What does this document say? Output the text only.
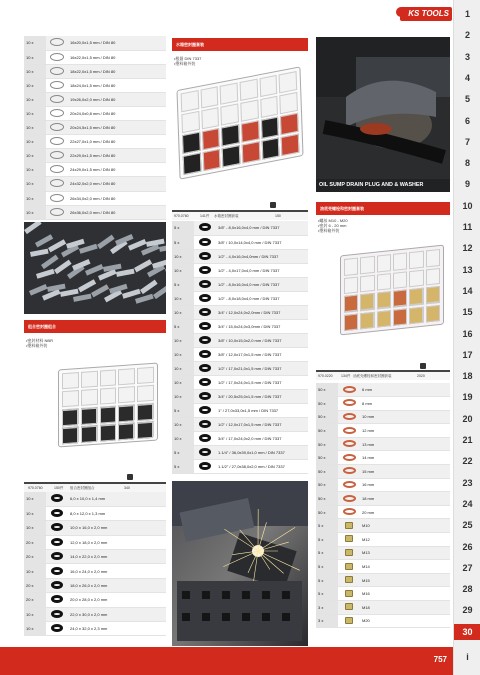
KS TOOLS	1
2
3
4
5
6
7
8
9
10
11
12
13
14
15
16
17
18
19
20
21
22
23
24
25
26
27
28
29
30
i
10 x		16x20,0x1,5 mm / DIN 80
10 x		16x22,0x1,5 mm / DIN 80
10 x		18x22,0x1,5 mm / DIN 80
10 x		18x24,0x1,5 mm / DIN 80
10 x		19x26,0x2,0 mm / DIN 80
10 x		20x24,0x0,8 mm / DIN 80
10 x		20x24,5x1,5 mm / DIN 80
10 x		22x27,0x1,0 mm / DIN 80
10 x		22x29,0x1,5 mm / DIN 80
10 x		24x29,0x1,5 mm / DIN 80
10 x		24x32,0x2,0 mm / DIN 80
10 x		26x34,0x2,0 mm / DIN 80
10 x		26x36,0x2,0 mm / DIN 80
组合密封圈组合
•密封材料 NBR
•塑料箱外装
970.0760	150件 组合密封圈组合	340
10 x		6,0 x 10,0 x 1,4 mm
10 x		8,0 x 12,0 x 1,3 mm
10 x		10,0 x 16,0 x 2,0 mm
20 x		12,0 x 18,0 x 2,0 mm
20 x		14,0 x 22,0 x 2,0 mm
10 x		16,0 x 24,0 x 2,0 mm
20 x		18,0 x 26,0 x 2,0 mm
20 x		20,0 x 28,0 x 2,0 mm
10 x		22,0 x 30,0 x 2,0 mm
10 x		24,0 x 32,0 x 2,3 mm
水箱密封圈套装
•根据 DIN 7337
•塑料箱外装
970.0760	141件 水箱密封圈套装	150
5 x		3/8" - 8,0x16,0x4,0 mm / DIN 7337
5 x		3/8" / 10,0x14,0x4,0 mm / DIN 7337
10 x		1/2" - 4,0x16,0x4,0mm / DIN 7337
10 x		1/2" - 4,0x17,0x4,0 mm / DIN 7337
5 x		1/2" - 8,0x16,0x4,0 mm / DIN 7337
10 x		1/2" - 8,0x18,0x4,0 mm / DIN 7337
10 x		3/4" / 12,0x24,0x2,0mm / DIN 7337
5 x		3/4" / 15,0x24,0x3,0mm / DIN 7337
10 x		3/8" / 10,0x15,0x2,0 mm / DIN 7337
10 x		3/8" / 12,0x17,0x1,5 mm / DIN 7337
10 x		1/2" / 17,0x21,0x1,5 mm / DIN 7337
10 x		1/2" / 17,0x24,0x1,5 mm / DIN 7337
10 x		3/4" / 20,5x25,0x1,5 mm / DIN 7337
5 x		1" / 27,0x33,0x1,5 mm / DIN 7337
10 x		1/2" / 12,0x17,0x1,5 mm / DIN 7337
10 x		3/4" / 17,0x24,0x2,0 mm / DIN 7337
5 x		1.1/4" / 36,0x39,0x1,0 mm / DIN 7337
5 x		1.1/2" / 27,0x38,0x2,0 mm / DIN 7337
OIL SUMP DRAIN PLUG AND & WASHER
油底壳螺栓和密封圈套装
•螺丝 M10 - M20
•密封 6 - 20 mm
•塑料箱外装
970.0220 134件 油底壳螺栓和密封圈套装	2020
50 x		6 mm
50 x		8 mm
50 x		10 mm
50 x		12 mm
50 x		13 mm
50 x		14 mm
50 x		15 mm
50 x		16 mm
50 x		18 mm
50 x		20 mm
5 x		M10
5 x		M12
5 x		M13
5 x		M14
5 x		M15
5 x		M16
3 x		M18
3 x		M20
757
